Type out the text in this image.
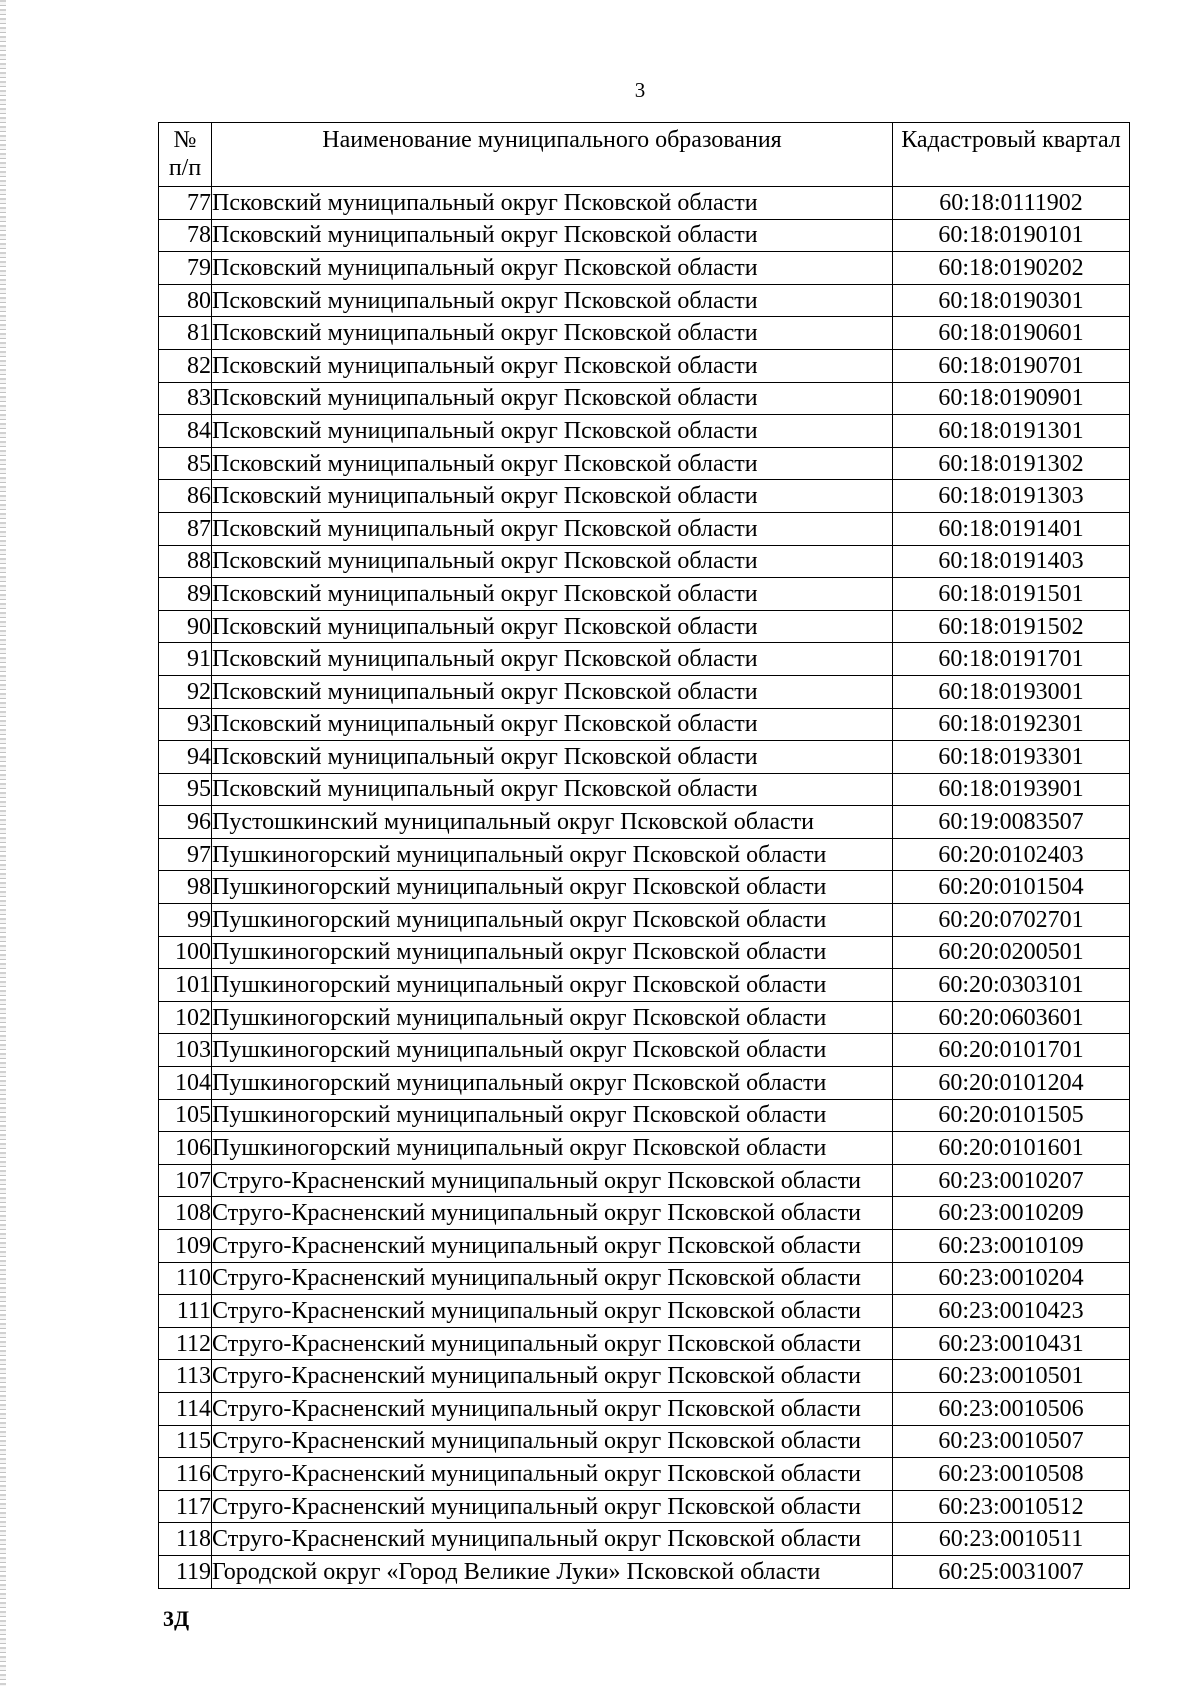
3
№
п/п	Наименование муниципального образования	Кадастровый квартал
77	Псковский муниципальный округ Псковской области	60:18:0111902
78	Псковский муниципальный округ Псковской области	60:18:0190101
79	Псковский муниципальный округ Псковской области	60:18:0190202
80	Псковский муниципальный округ Псковской области	60:18:0190301
81	Псковский муниципальный округ Псковской области	60:18:0190601
82	Псковский муниципальный округ Псковской области	60:18:0190701
83	Псковский муниципальный округ Псковской области	60:18:0190901
84	Псковский муниципальный округ Псковской области	60:18:0191301
85	Псковский муниципальный округ Псковской области	60:18:0191302
86	Псковский муниципальный округ Псковской области	60:18:0191303
87	Псковский муниципальный округ Псковской области	60:18:0191401
88	Псковский муниципальный округ Псковской области	60:18:0191403
89	Псковский муниципальный округ Псковской области	60:18:0191501
90	Псковский муниципальный округ Псковской области	60:18:0191502
91	Псковский муниципальный округ Псковской области	60:18:0191701
92	Псковский муниципальный округ Псковской области	60:18:0193001
93	Псковский муниципальный округ Псковской области	60:18:0192301
94	Псковский муниципальный округ Псковской области	60:18:0193301
95	Псковский муниципальный округ Псковской области	60:18:0193901
96	Пустошкинский муниципальный округ Псковской области	60:19:0083507
97	Пушкиногорский муниципальный округ Псковской области	60:20:0102403
98	Пушкиногорский муниципальный округ Псковской области	60:20:0101504
99	Пушкиногорский муниципальный округ Псковской области	60:20:0702701
100	Пушкиногорский муниципальный округ Псковской области	60:20:0200501
101	Пушкиногорский муниципальный округ Псковской области	60:20:0303101
102	Пушкиногорский муниципальный округ Псковской области	60:20:0603601
103	Пушкиногорский муниципальный округ Псковской области	60:20:0101701
104	Пушкиногорский муниципальный округ Псковской области	60:20:0101204
105	Пушкиногорский муниципальный округ Псковской области	60:20:0101505
106	Пушкиногорский муниципальный округ Псковской области	60:20:0101601
107	Струго-Красненский муниципальный округ Псковской области	60:23:0010207
108	Струго-Красненский муниципальный округ Псковской области	60:23:0010209
109	Струго-Красненский муниципальный округ Псковской области	60:23:0010109
110	Струго-Красненский муниципальный округ Псковской области	60:23:0010204
111	Струго-Красненский муниципальный округ Псковской области	60:23:0010423
112	Струго-Красненский муниципальный округ Псковской области	60:23:0010431
113	Струго-Красненский муниципальный округ Псковской области	60:23:0010501
114	Струго-Красненский муниципальный округ Псковской области	60:23:0010506
115	Струго-Красненский муниципальный округ Псковской области	60:23:0010507
116	Струго-Красненский муниципальный округ Псковской области	60:23:0010508
117	Струго-Красненский муниципальный округ Псковской области	60:23:0010512
118	Струго-Красненский муниципальный округ Псковской области	60:23:0010511
119	Городской округ «Город Великие Луки» Псковской области	60:25:0031007
3Д
